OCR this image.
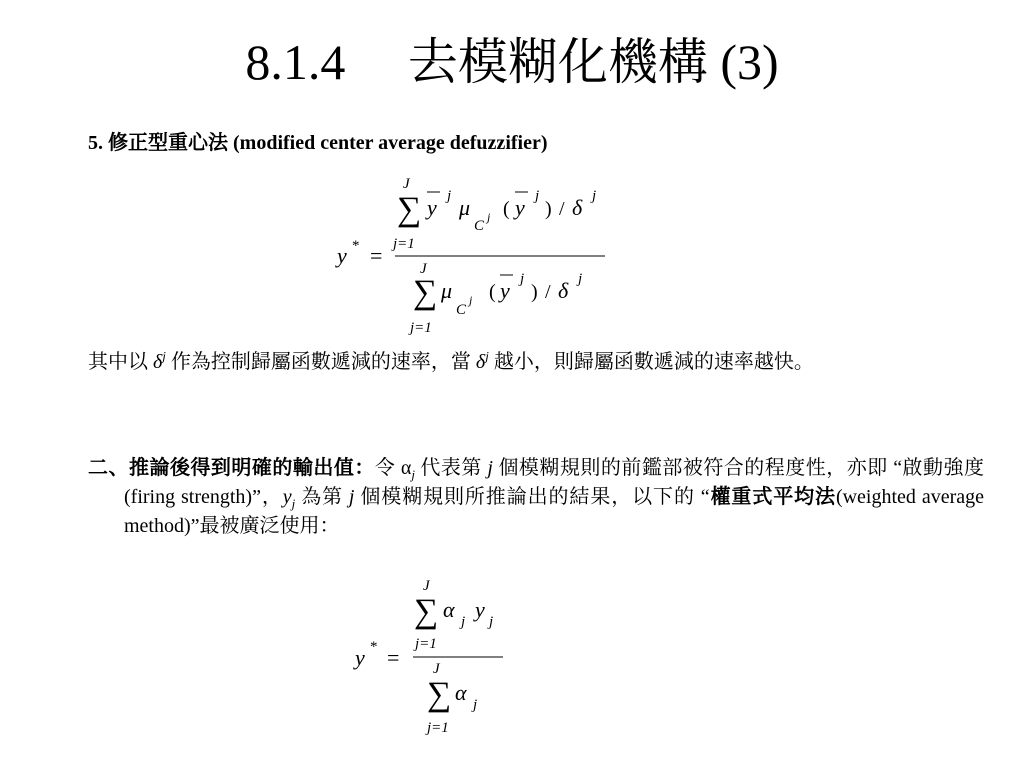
8.1.4 去模糊化機構 (3)
5. 修正型重心法 (modified center average defuzzifier)
J
∑
j=1
y j μ
C
j ( y j
) / δ j
y * =
J
∑
j=1
μ
C
j ( y j
) / δ j
其中以 $\delta^j$ 作為控制歸屬函數遞減的速率，當 $\delta^j$ 越小，則歸屬函數遞減的速率越快。
二、推論後得到明確的輸出值：令 $\alpha_j$ 代表第 j 個模糊規則的前鑑部被符合的程度性，亦即 “啟動強度(firing strength)”，$y_j$ 為第 j 個模糊規則所推論出的結果，以下的 “權重式平均法(weighted average method)”最被廣泛使用：
J
∑
j=1
α j y j
y * = J
∑
j=1
α j
